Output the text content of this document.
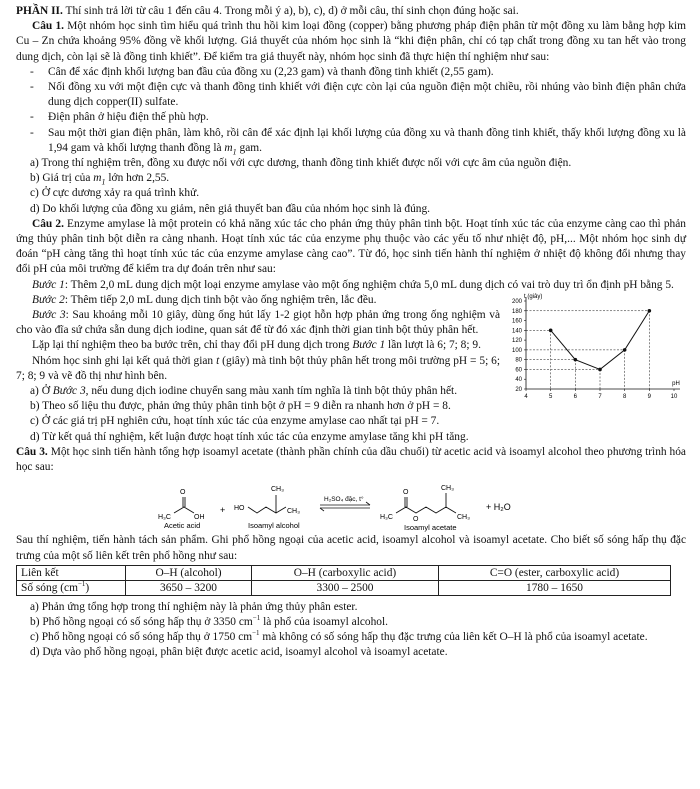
PHẦN II. Thí sinh trả lời từ câu 1 đến câu 4. Trong mỗi ý a), b), c), d) ở mỗi câu, thí sinh chọn đúng hoặc sai.

Câu 1. Một nhóm học sinh tìm hiểu quá trình thu hồi kim loại đồng (copper) bằng phương pháp điện phân từ một đồng xu làm bằng hợp kim Cu – Zn chứa khoảng 95% đồng về khối lượng. Giả thuyết của nhóm học sinh là “khi điện phân, chỉ có tạp chất trong đồng xu tan hết vào trong dung dịch, còn lại sẽ là đồng tinh khiết”. Để kiểm tra giả thuyết này, nhóm học sinh đã thực hiện thí nghiệm như sau:

- Cân để xác định khối lượng ban đầu của đồng xu (2,23 gam) và thanh đồng tinh khiết (2,55 gam).
- Nối đồng xu với một điện cực và thanh đồng tinh khiết với điện cực còn lại của nguồn điện một chiều, rồi nhúng vào bình điện phân chứa dung dịch copper(II) sulfate.
- Điện phân ở hiệu điện thế phù hợp.
- Sau một thời gian điện phân, làm khô, rồi cân để xác định lại khối lượng của đồng xu và thanh đồng tinh khiết, thấy khối lượng đồng xu là 1,94 gam và khối lượng thanh đồng là $m_1$ gam.

a) Trong thí nghiệm trên, đồng xu được nối với cực dương, thanh đồng tinh khiết được nối với cực âm của nguồn điện.

b) Giá trị của $m_1$ lớn hơn 2,55.

c) Ở cực dương xảy ra quá trình khử.

d) Do khối lượng của đồng xu giảm, nên giả thuyết ban đầu của nhóm học sinh là đúng.

Câu 2. Enzyme amylase là một protein có khả năng xúc tác cho phản ứng thủy phân tinh bột. Hoạt tính xúc tác của enzyme càng cao thì phản ứng thủy phân tinh bột diễn ra càng nhanh. Hoạt tính xúc tác của enzyme phụ thuộc vào các yếu tố như nhiệt độ, pH,... Một nhóm học sinh dự đoán “pH càng tăng thì hoạt tính xúc tác của enzyme amylase càng cao”. Từ đó, học sinh tiến hành thí nghiệm ở nhiệt độ không đổi nhưng thay đổi pH của môi trường để kiểm tra dự đoán trên như sau:

Bước 1: Thêm 2,0 mL dung dịch một loại enzyme amylase vào một ống nghiệm chứa 5,0 mL dung dịch có vai trò duy trì ổn định pH bằng 5.

20
40
60
80
100
120
140
160
180
200
4	5	6	7	8	9	10
t (giây)
pH

Bước 2: Thêm tiếp 2,0 mL dung dịch tinh bột vào ống nghiệm trên, lắc đều.

Bước 3: Sau khoảng mỗi 10 giây, dùng ống hút lấy 1-2 giọt hỗn hợp phản ứng trong ống nghiệm và cho vào đĩa sứ chứa sẵn dung dịch iodine, quan sát để từ đó xác định thời gian tinh bột thủy phân hết.

Lặp lại thí nghiệm theo ba bước trên, chỉ thay đổi pH dung dịch trong Bước 1 lần lượt là 6; 7; 8; 9.

Nhóm học sinh ghi lại kết quả thời gian t (giây) mà tinh bột thủy phân hết trong môi trường pH = 5; 6; 7; 8; 9 và vẽ đồ thị như hình bên.

a) Ở Bước 3, nếu dung dịch iodine chuyển sang màu xanh tím nghĩa là tinh bột thủy phân hết.

b) Theo số liệu thu được, phản ứng thủy phân tinh bột ở pH = 9 diễn ra nhanh hơn ở pH = 8.

c) Ở các giá trị pH nghiên cứu, hoạt tính xúc tác của enzyme amylase cao nhất tại pH = 7.

d) Từ kết quả thí nghiệm, kết luận được hoạt tính xúc tác của enzyme amylase tăng khi pH tăng.

Câu 3. Một học sinh tiến hành tổng hợp isoamyl acetate (thành phần chính của dầu chuối) từ acetic acid và isoamyl alcohol theo phương trình hóa học sau:

O
H₃C	OH
Acetic acid
+ HO
CH₃
CH₃
Isoamyl alcohol
H₂SO₄ đặc, t°
O
O
H₃C
CH₃
CH₃
Isoamyl acetate
+ H₂O

Sau thí nghiệm, tiến hành tách sản phẩm. Ghi phổ hồng ngoại của acetic acid, isoamyl alcohol và isoamyl acetate. Cho biết số sóng hấp thụ đặc trưng của một số liên kết trên phổ hồng như sau:

Liên kết	O–H (alcohol)	O–H (carboxylic acid)	C=O (ester, carboxylic acid)
Số sóng $(cm^{-1})$	3650 – 3200	3300 – 2500	1780 – 1650

a) Phản ứng tổng hợp trong thí nghiệm này là phản ứng thủy phân ester.

b) Phổ hồng ngoại có số sóng hấp thụ ở 3350 $cm^{-1}$ là phổ của isoamyl alcohol.

c) Phổ hồng ngoại có số sóng hấp thụ ở 1750 $cm^{-1}$ mà không có số sóng hấp thụ đặc trưng của liên kết O–H là phổ của isoamyl acetate.

d) Dựa vào phổ hồng ngoại, phân biệt được acetic acid, isoamyl alcohol và isoamyl acetate.
